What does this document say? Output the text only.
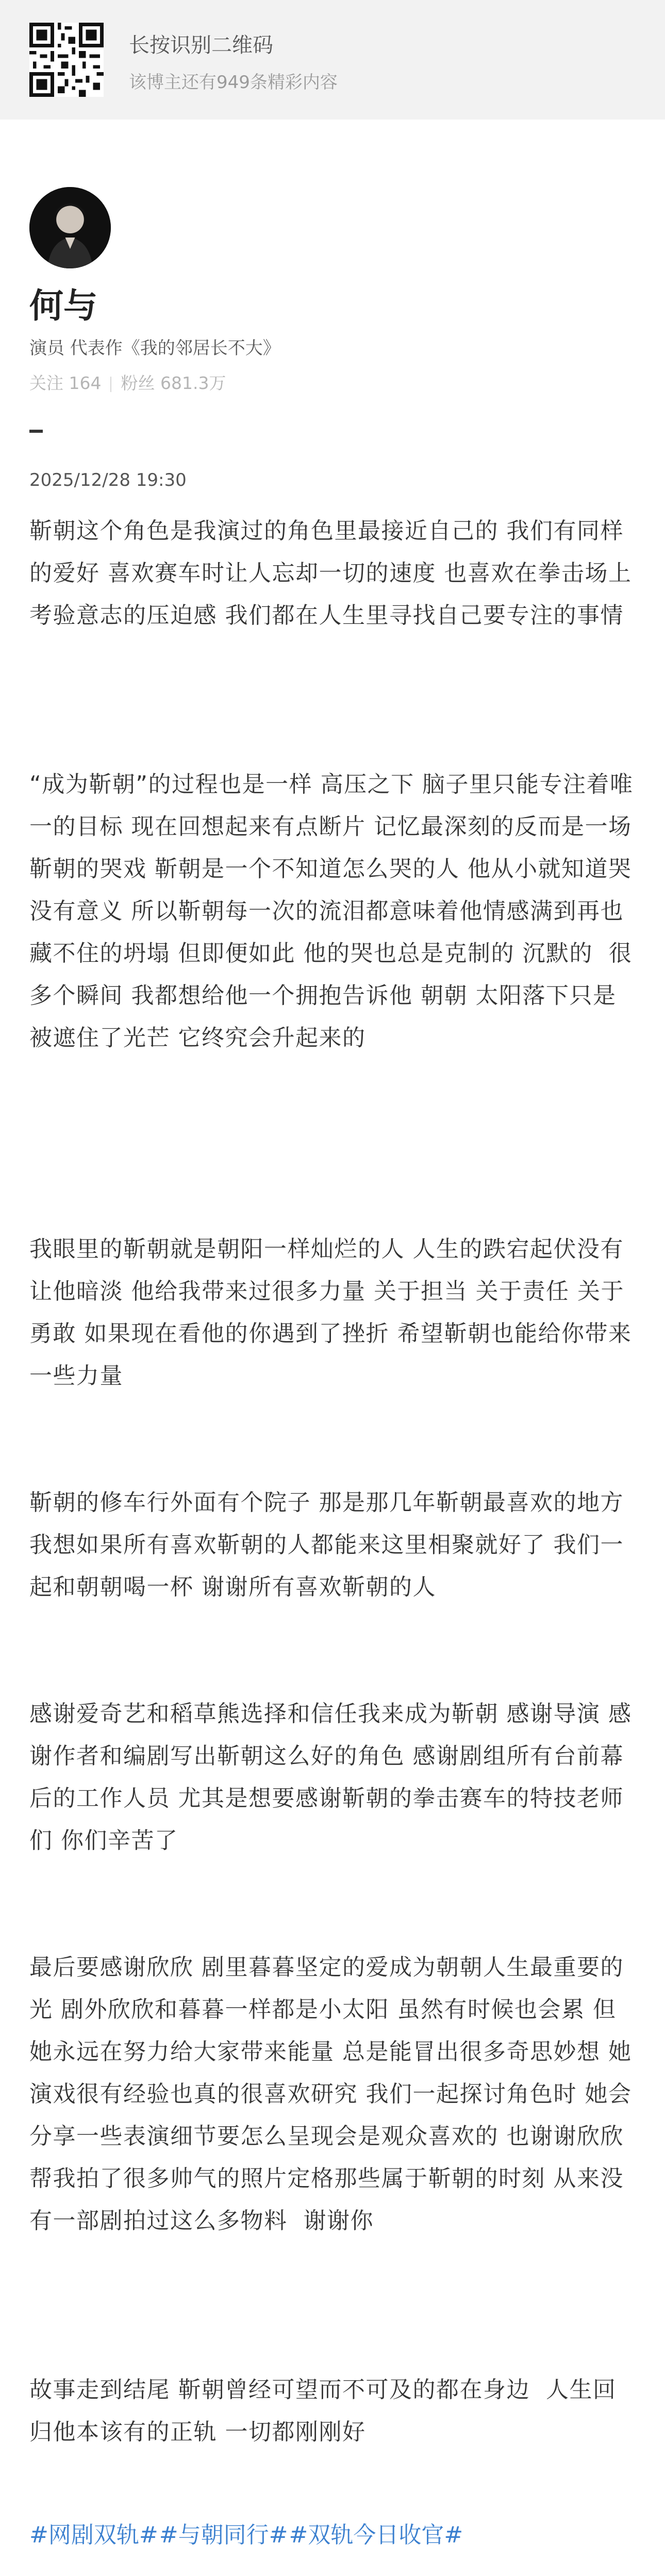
长按识别二维码
该博主还有949条精彩内容
何与
演员 代表作《我的邻居长不大》
关注 164 粉丝 681.3万
2025/12/28 19:30

靳朝这个角色是我演过的角色里最接近自己的 我们有同样的爱好 喜欢赛车时让人忘却一切的速度 也喜欢在拳击场上考验意志的压迫感 我们都在人生里寻找自己要专注的事情

“成为靳朝”的过程也是一样 高压之下 脑子里只能专注着唯一的目标 现在回想起来有点断片 记忆最深刻的反而是一场靳朝的哭戏 靳朝是一个不知道怎么哭的人 他从小就知道哭没有意义 所以靳朝每一次的流泪都意味着他情感满到再也藏不住的坍塌 但即便如此 他的哭也总是克制的 沉默的  很多个瞬间 我都想给他一个拥抱告诉他 朝朝 太阳落下只是被遮住了光芒 它终究会升起来的

我眼里的靳朝就是朝阳一样灿烂的人 人生的跌宕起伏没有让他暗淡 他给我带来过很多力量 关于担当 关于责任 关于勇敢 如果现在看他的你遇到了挫折 希望靳朝也能给你带来一些力量

靳朝的修车行外面有个院子 那是那几年靳朝最喜欢的地方 我想如果所有喜欢靳朝的人都能来这里相聚就好了 我们一起和朝朝喝一杯 谢谢所有喜欢靳朝的人

感谢爱奇艺和稻草熊选择和信任我来成为靳朝 感谢导演 感谢作者和编剧写出靳朝这么好的角色 感谢剧组所有台前幕后的工作人员 尤其是想要感谢靳朝的拳击赛车的特技老师们 你们辛苦了

最后要感谢欣欣 剧里暮暮坚定的爱成为朝朝人生最重要的光 剧外欣欣和暮暮一样都是小太阳 虽然有时候也会累 但她永远在努力给大家带来能量 总是能冒出很多奇思妙想 她演戏很有经验也真的很喜欢研究 我们一起探讨角色时 她会分享一些表演细节要怎么呈现会是观众喜欢的 也谢谢欣欣帮我拍了很多帅气的照片定格那些属于靳朝的时刻 从来没有一部剧拍过这么多物料  谢谢你

故事走到结尾 靳朝曾经可望而不可及的都在身边  人生回归他本该有的正轨 一切都刚刚好

#网剧双轨##与朝同行##双轨今日收官#
